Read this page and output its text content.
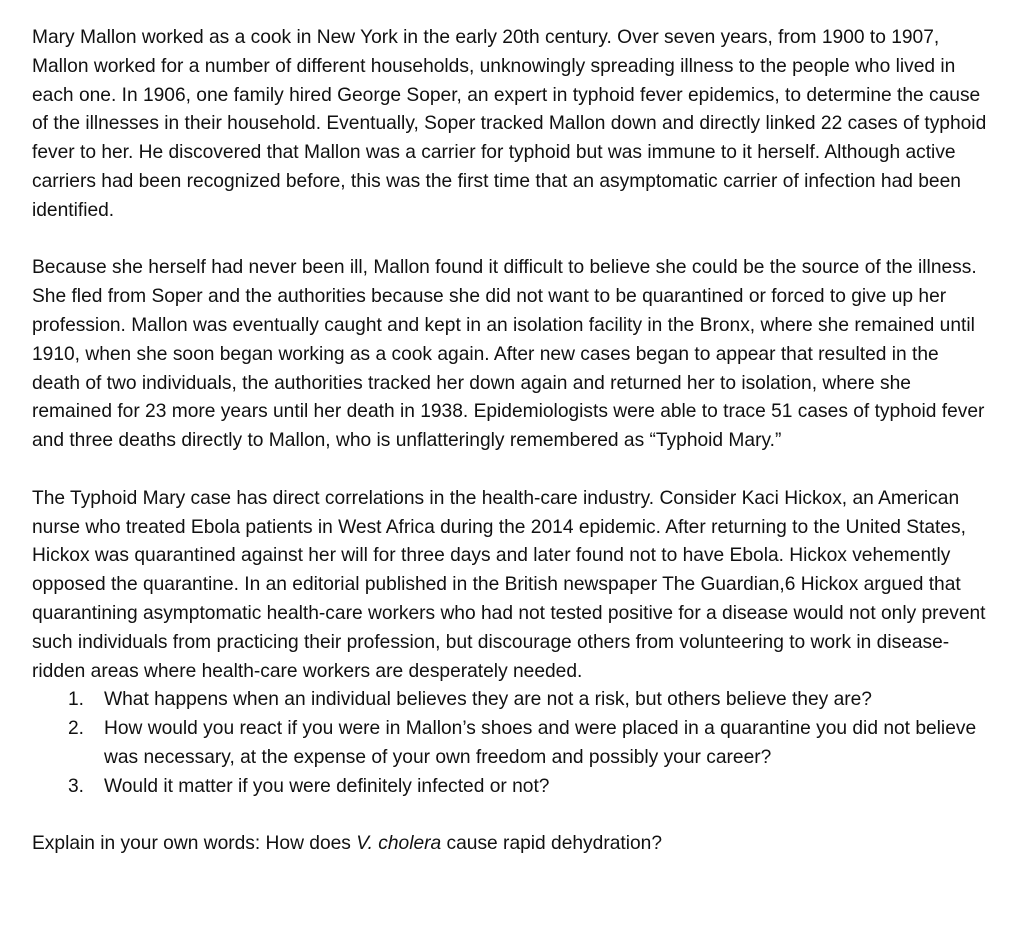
Mary Mallon worked as a cook in New York in the early 20th century. Over seven years, from 1900 to 1907, Mallon worked for a number of different households, unknowingly spreading illness to the people who lived in each one. In 1906, one family hired George Soper, an expert in typhoid fever epidemics, to determine the cause of the illnesses in their household. Eventually, Soper tracked Mallon down and directly linked 22 cases of typhoid fever to her. He discovered that Mallon was a carrier for typhoid but was immune to it herself. Although active carriers had been recognized before, this was the first time that an asymptomatic carrier of infection had been identified.

Because she herself had never been ill, Mallon found it difficult to believe she could be the source of the illness. She fled from Soper and the authorities because she did not want to be quarantined or forced to give up her profession. Mallon was eventually caught and kept in an isolation facility in the Bronx, where she remained until 1910, when she soon began working as a cook again. After new cases began to appear that resulted in the death of two individuals, the authorities tracked her down again and returned her to isolation, where she remained for 23 more years until her death in 1938. Epidemiologists were able to trace 51 cases of typhoid fever and three deaths directly to Mallon, who is unflatteringly remembered as “Typhoid Mary.”

The Typhoid Mary case has direct correlations in the health-care industry. Consider Kaci Hickox, an American nurse who treated Ebola patients in West Africa during the 2014 epidemic. After returning to the United States, Hickox was quarantined against her will for three days and later found not to have Ebola. Hickox vehemently opposed the quarantine. In an editorial published in the British newspaper The Guardian,6 Hickox argued that quarantining asymptomatic health-care workers who had not tested positive for a disease would not only prevent such individuals from practicing their profession, but discourage others from volunteering to work in disease-ridden areas where health-care workers are desperately needed.

1. What happens when an individual believes they are not a risk, but others believe they are?
2. How would you react if you were in Mallon’s shoes and were placed in a quarantine you did not believe was necessary, at the expense of your own freedom and possibly your career?
3. Would it matter if you were definitely infected or not?

Explain in your own words: How does V. cholera cause rapid dehydration?
